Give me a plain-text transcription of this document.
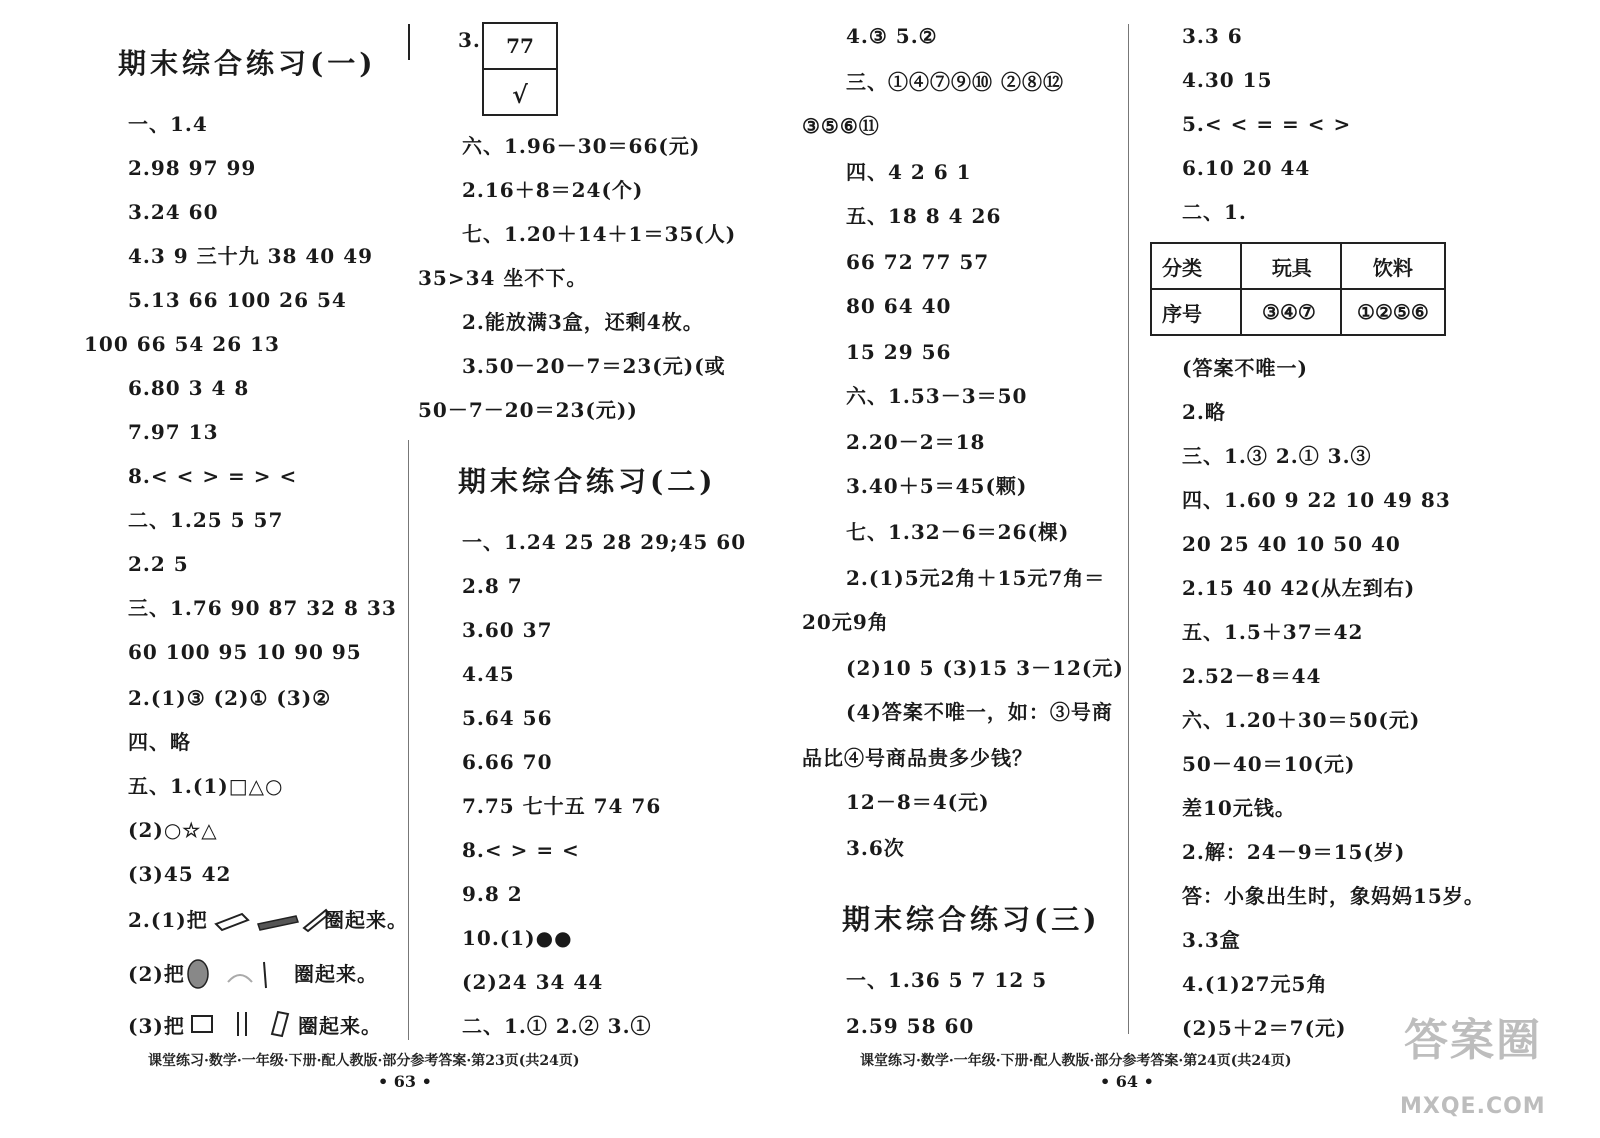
期末综合练习(一)
一、1.4
2.98 97 99
3.24 60
4.3 9 三十九 38 40 49
5.13 66 100 26 54
100 66 54 26 13
6.80 3 4 8
7.97 13
8.< < > = > <
二、1.25 5 57
2.2 5
三、1.76 90 87 32 8 33
60 100 95 10 90 95
2.(1)③ (2)① (3)②
四、略
五、1.(1)□△○
(2)○☆△
(3)45 42
2.(1)把	圈起来。
(2)把	圈起来。
(3)把	圈起来。
3.	77
√
六、1.96－30＝66(元)
2.16＋8＝24(个)
七、1.20＋14＋1＝35(人)
35>34 坐不下。
2.能放满3盒，还剩4枚。
3.50－20－7＝23(元)(或
50－7－20＝23(元))
期末综合练习(二)
一、1.24 25 28 29;45 60
2.8 7
3.60 37
4.45
5.64 56
6.66 70
7.75 七十五 74 76
8.< > = <
9.8 2
10.(1)●●
(2)24 34 44
二、1.① 2.② 3.①
课堂练习·数学·一年级·下册·配人教版·部分参考答案·第23页(共24页)
• 63 •
4.③ 5.②
三、①④⑦⑨⑩ ②⑧⑫
③⑤⑥⑪
四、4 2 6 1
五、18 8 4 26
66 72 77 57
80 64 40
15 29 56
六、1.53－3＝50
2.20－2＝18
3.40＋5＝45(颗)
七、1.32－6＝26(棵)
2.(1)5元2角＋15元7角＝
20元9角
(2)10 5 (3)15 3－12(元)
(4)答案不唯一，如：③号商
品比④号商品贵多少钱？
12－8＝4(元)
3.6次
期末综合练习(三)
一、1.36 5 7 12 5
2.59 58 60
3.3 6
4.30 15
5.< < = = < >
6.10 20 44
二、1.
分类	玩具	饮料
序号	③④⑦	①②⑤⑥
(答案不唯一)
2.略
三、1.③ 2.① 3.③
四、1.60 9 22 10 49 83
20 25 40 10 50 40
2.15 40 42(从左到右)
五、1.5＋37＝42
2.52－8＝44
六、1.20＋30＝50(元)
50－40＝10(元)
差10元钱。
2.解：24－9＝15(岁)
答：小象出生时，象妈妈15岁。
3.3盒
4.(1)27元5角
(2)5＋2＝7(元)
课堂练习·数学·一年级·下册·配人教版·部分参考答案·第24页(共24页)
• 64 •
答案圈
MXQE.COM
